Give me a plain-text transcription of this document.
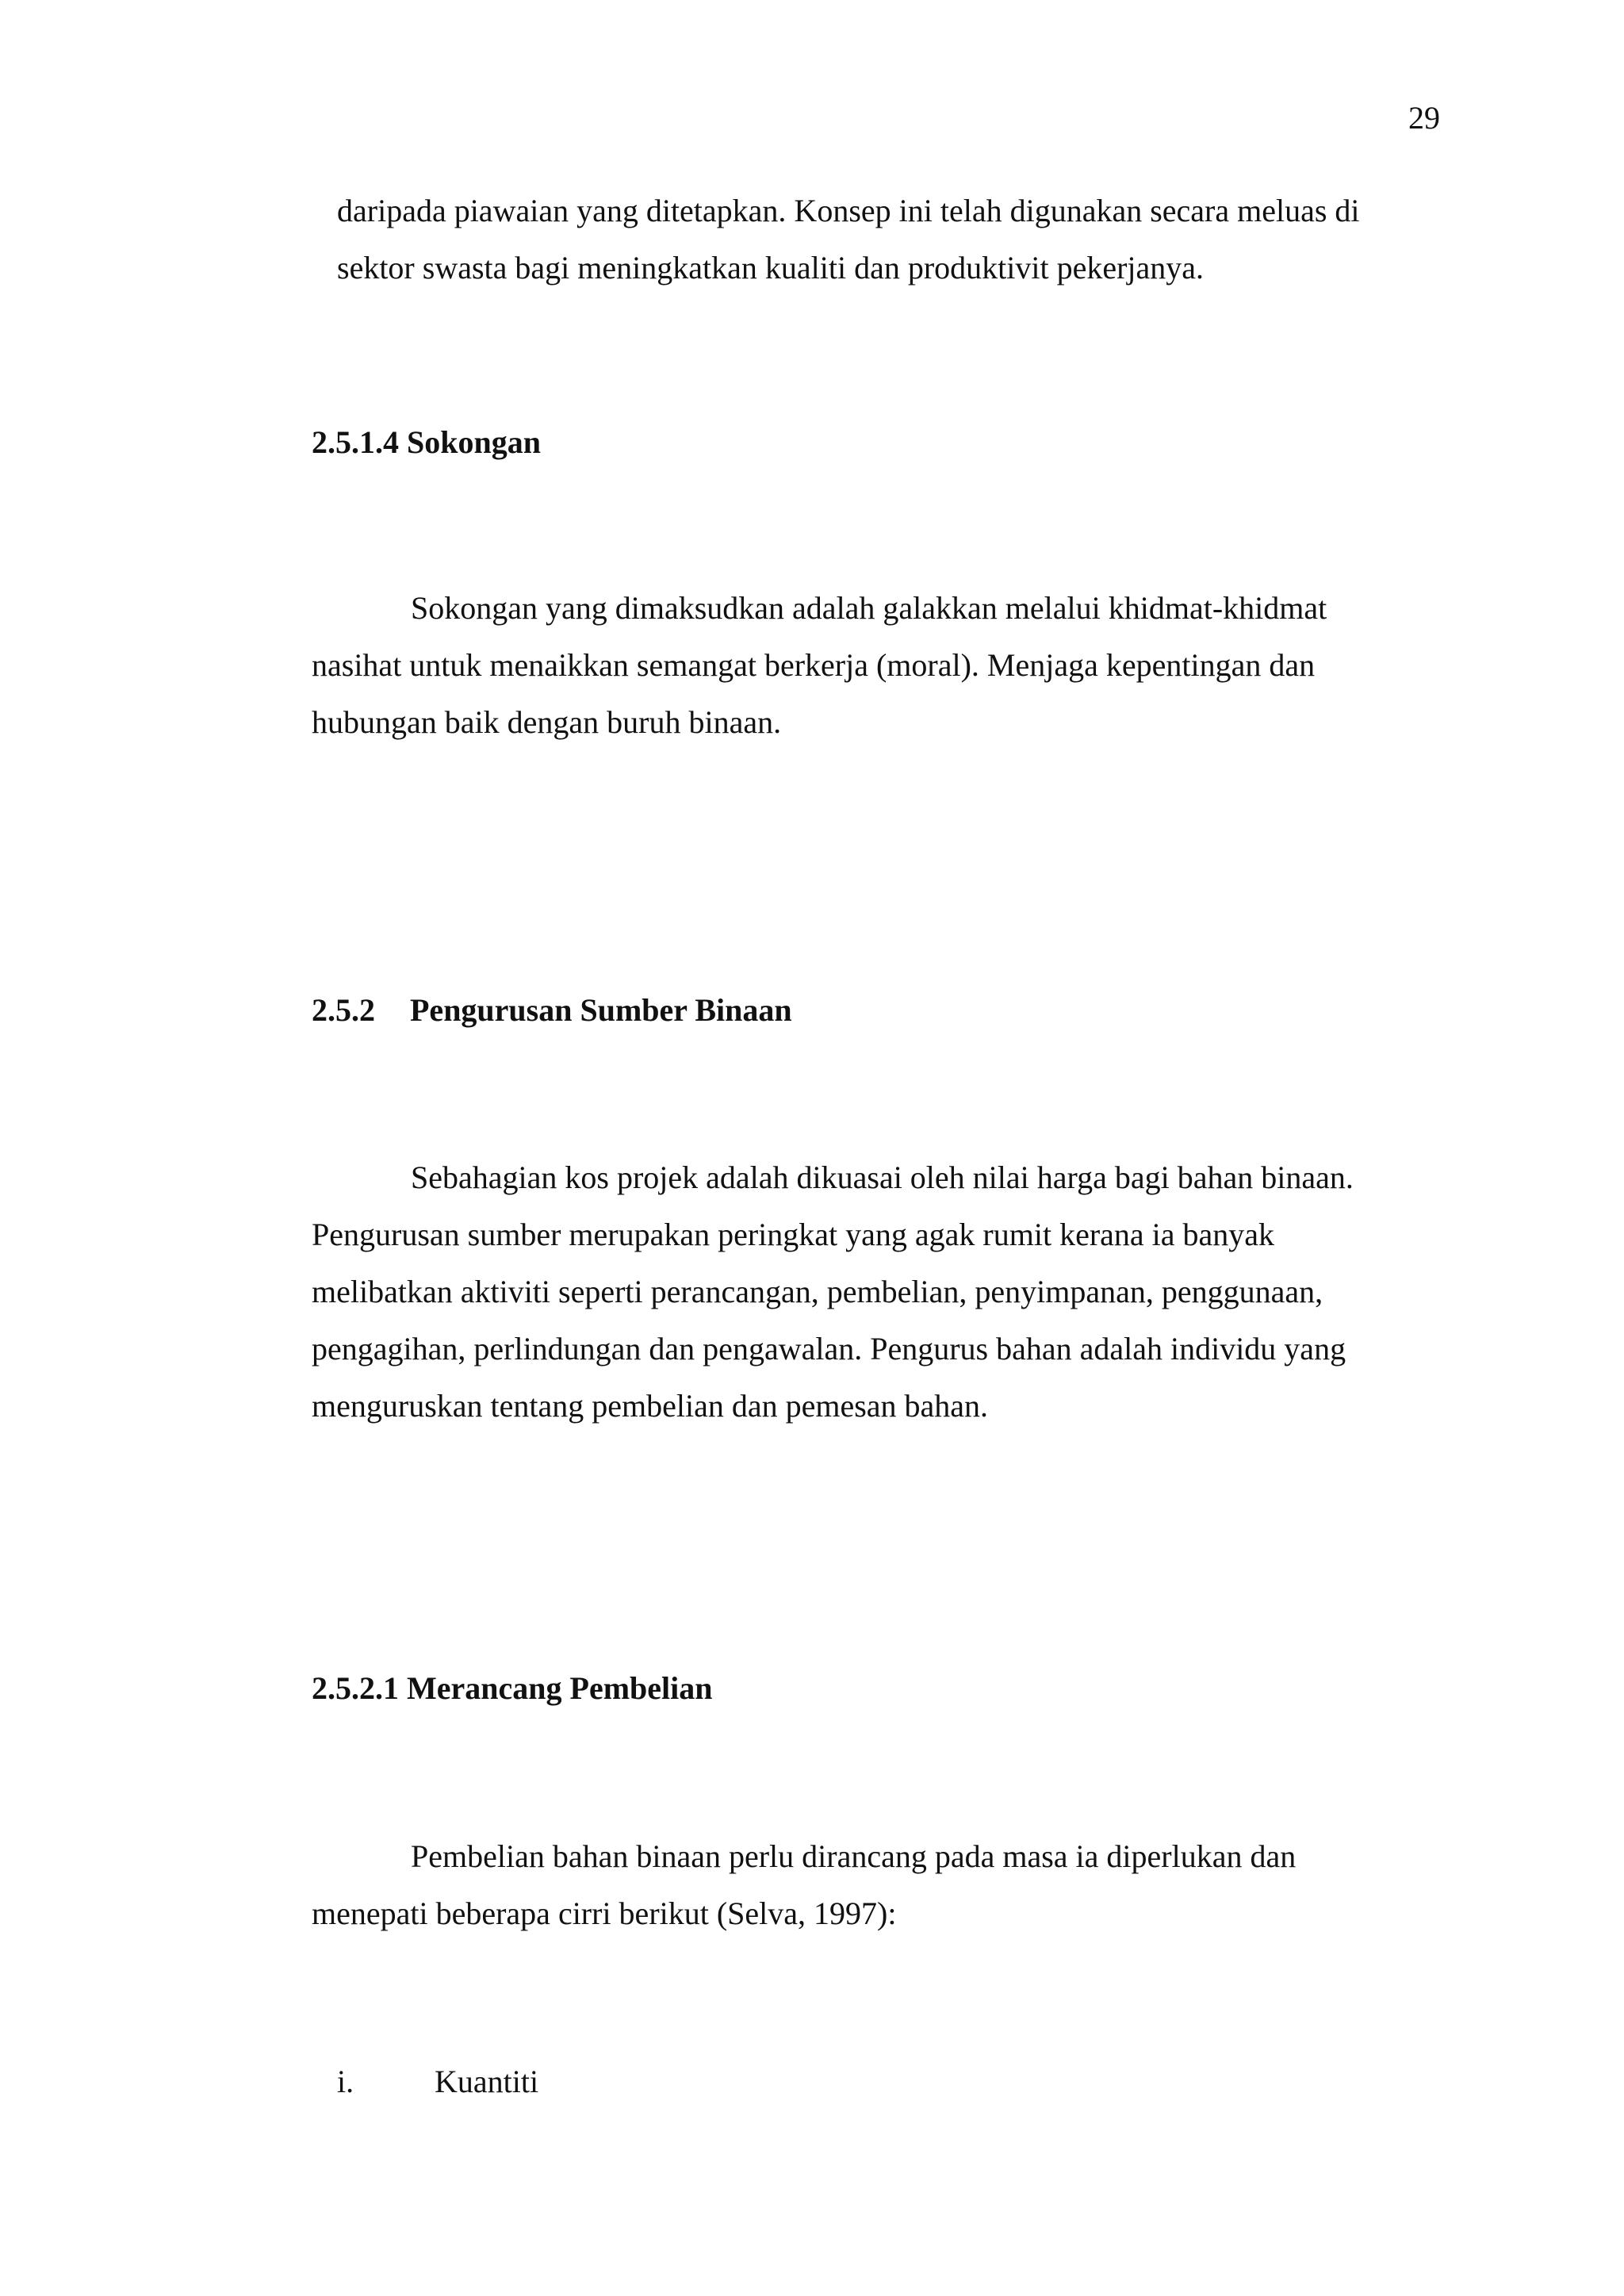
29
daripada piawaian yang ditetapkan. Konsep ini telah digunakan secara meluas di
sektor swasta bagi meningkatkan kualiti dan produktivit pekerjanya.
2.5.1.4 Sokongan
Sokongan yang dimaksudkan adalah galakkan melalui khidmat-khidmat
nasihat untuk menaikkan semangat berkerja (moral). Menjaga kepentingan dan
hubungan baik dengan buruh binaan.
2.5.2 Pengurusan Sumber Binaan
Sebahagian kos projek adalah dikuasai oleh nilai harga bagi bahan binaan.
Pengurusan sumber merupakan peringkat yang agak rumit kerana ia banyak
melibatkan aktiviti seperti perancangan, pembelian, penyimpanan, penggunaan,
pengagihan, perlindungan dan pengawalan. Pengurus bahan adalah individu yang
menguruskan tentang pembelian dan pemesan bahan.
2.5.2.1 Merancang Pembelian
Pembelian bahan binaan perlu dirancang pada masa ia diperlukan dan
menepati beberapa cirri berikut (Selva, 1997):
i.	Kuantiti
